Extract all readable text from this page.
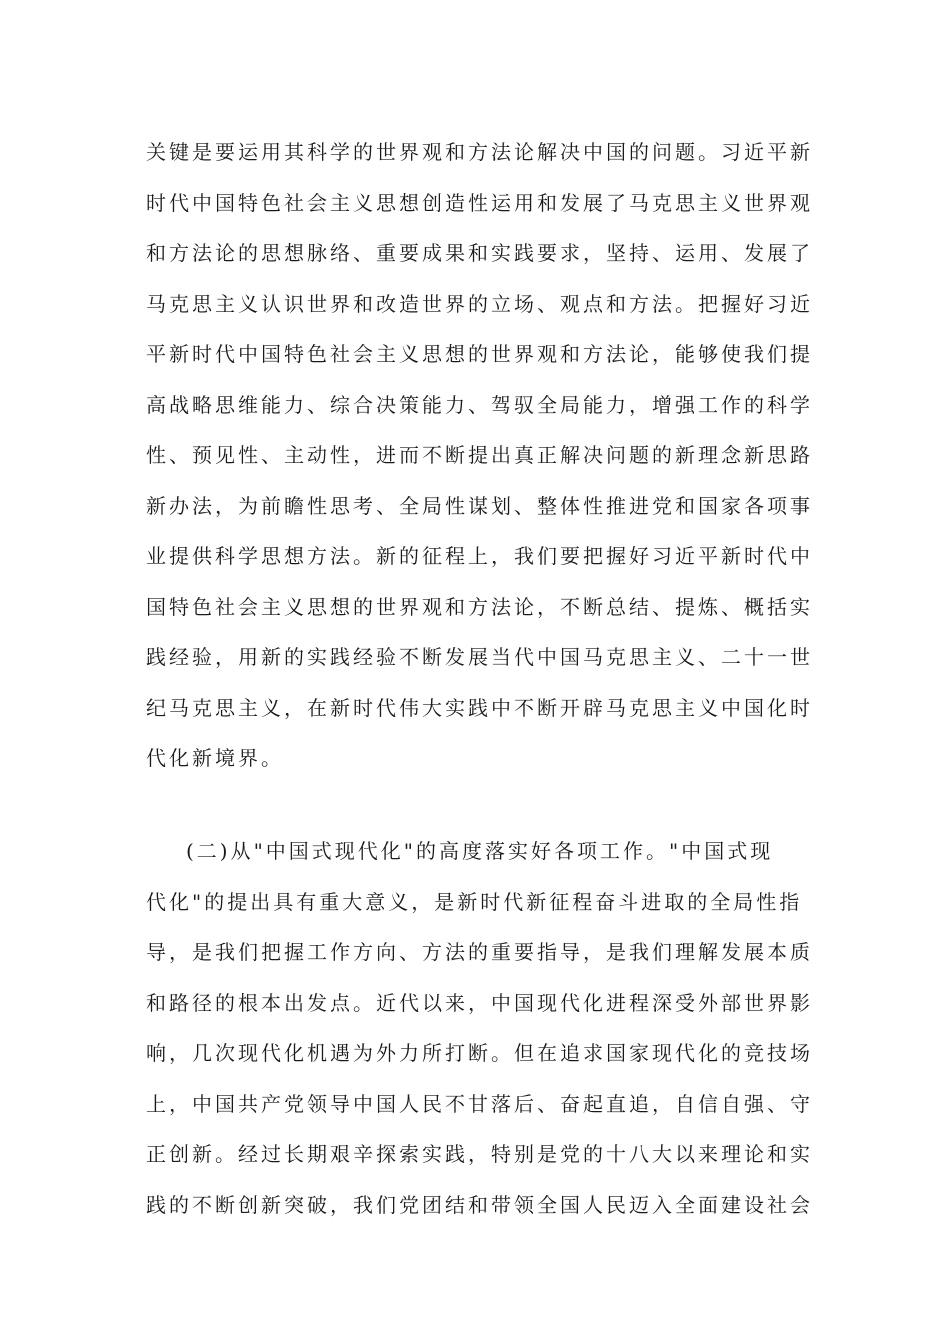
关键是要运用其科学的世界观和方法论解决中国的问题。习近平新
时代中国特色社会主义思想创造性运用和发展了马克思主义世界观
和方法论的思想脉络、重要成果和实践要求，坚持、运用、发展了
马克思主义认识世界和改造世界的立场、观点和方法。把握好习近
平新时代中国特色社会主义思想的世界观和方法论，能够使我们提
高战略思维能力、综合决策能力、驾驭全局能力，增强工作的科学
性、预见性、主动性，进而不断提出真正解决问题的新理念新思路
新办法，为前瞻性思考、全局性谋划、整体性推进党和国家各项事
业提供科学思想方法。新的征程上，我们要把握好习近平新时代中
国特色社会主义思想的世界观和方法论，不断总结、提炼、概括实
践经验，用新的实践经验不断发展当代中国马克思主义、二十一世
纪马克思主义，在新时代伟大实践中不断开辟马克思主义中国化时
代化新境界。
(二)从"中国式现代化"的高度落实好各项工作。"中国式现
代化"的提出具有重大意义，是新时代新征程奋斗进取的全局性指
导，是我们把握工作方向、方法的重要指导，是我们理解发展本质
和路径的根本出发点。近代以来，中国现代化进程深受外部世界影
响，几次现代化机遇为外力所打断。但在追求国家现代化的竞技场
上，中国共产党领导中国人民不甘落后、奋起直追，自信自强、守
正创新。经过长期艰辛探索实践，特别是党的十八大以来理论和实
践的不断创新突破，我们党团结和带领全国人民迈入全面建设社会
